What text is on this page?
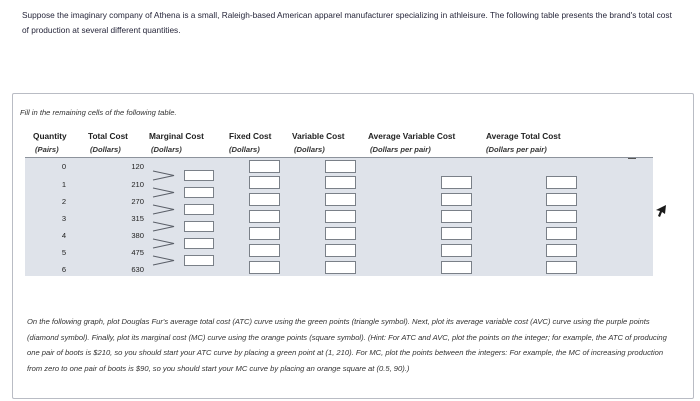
Suppose the imaginary company of Athena is a small, Raleigh-based American apparel manufacturer specializing in athleisure. The following table presents the brand's total cost of production at several different quantities.
Fill in the remaining cells of the following table.
Quantity
(Pairs)
Total Cost
(Dollars)
Marginal Cost
(Dollars)
Fixed Cost
(Dollars)
Variable Cost
(Dollars)
Average Variable Cost
(Dollars per pair)
Average Total Cost
(Dollars per pair)
0
1
2
3
4
5
6
120
210
270
315
380
475
630
On the following graph, plot Douglas Fur's average total cost (ATC) curve using the green points (triangle symbol). Next, plot its average variable cost (AVC) curve using the purple points (diamond symbol). Finally, plot its marginal cost (MC) curve using the orange points (square symbol). (Hint: For ATC and AVC, plot the points on the integer; for example, the ATC of producing one pair of boots is $210, so you should start your ATC curve by placing a green point at (1, 210). For MC, plot the points between the integers: For example, the MC of increasing production from zero to one pair of boots is $90, so you should start your MC curve by placing an orange square at (0.5, 90).)
